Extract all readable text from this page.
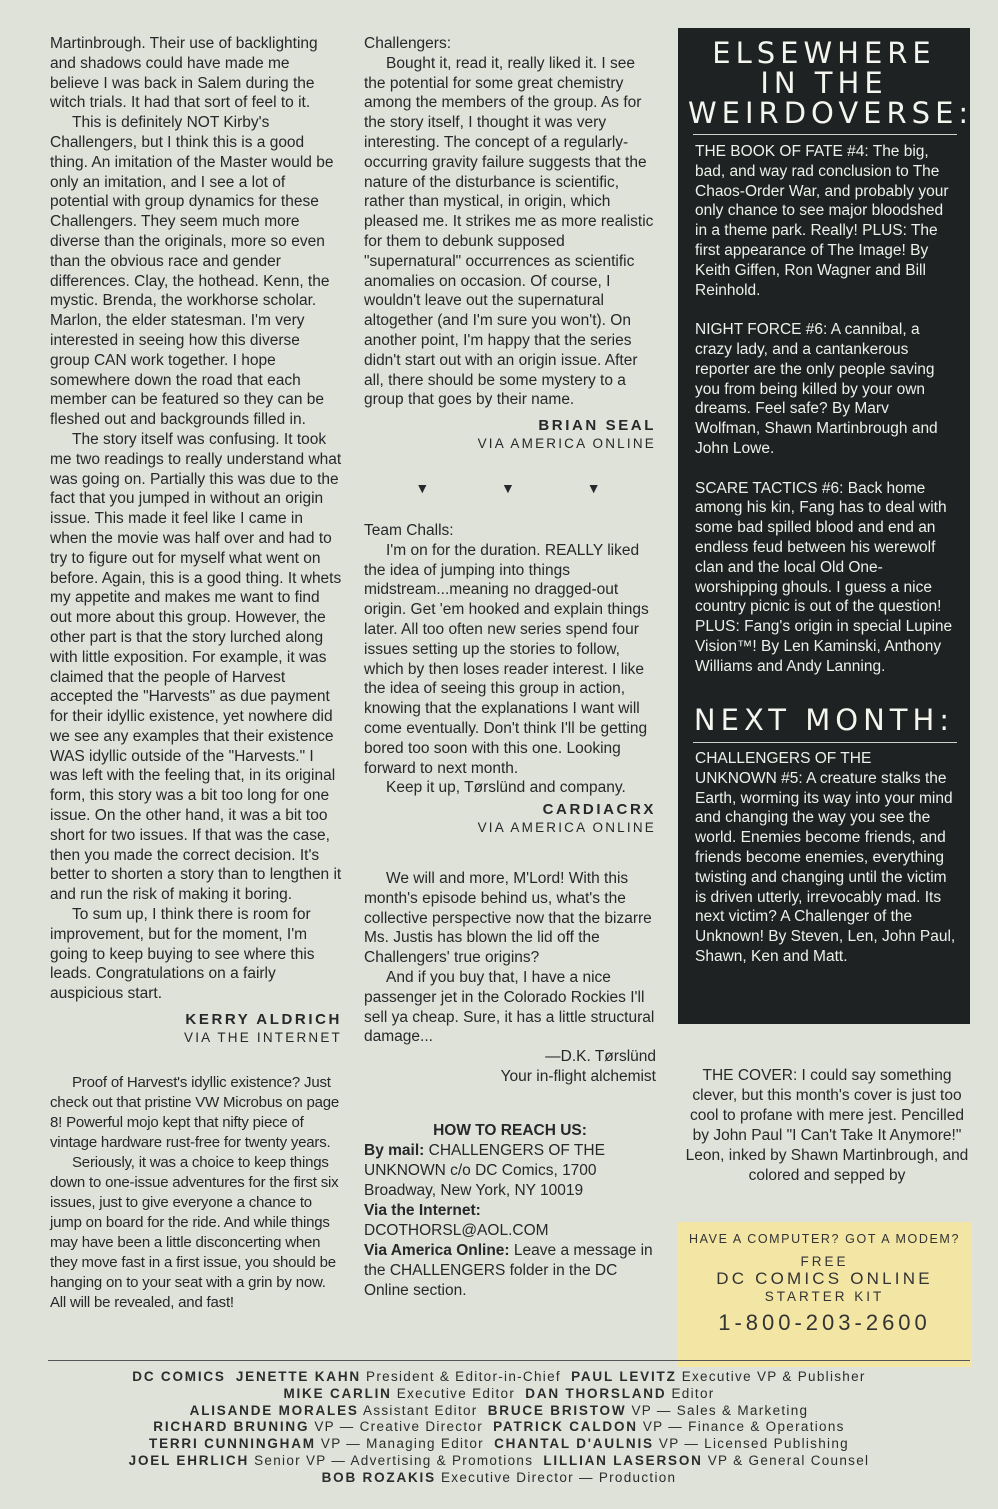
Martinbrough. Their use of backlighting and shadows could have made me believe I was back in Salem during the witch trials. It had that sort of feel to it.

This is definitely NOT Kirby's Challengers, but I think this is a good thing. An imitation of the Master would be only an imitation, and I see a lot of potential with group dynamics for these Challengers. They seem much more diverse than the originals, more so even than the obvious race and gender differences. Clay, the hothead. Kenn, the mystic. Brenda, the workhorse scholar. Marlon, the elder statesman. I'm very interested in seeing how this diverse group CAN work together. I hope somewhere down the road that each member can be featured so they can be fleshed out and backgrounds filled in.

The story itself was confusing. It took me two readings to really understand what was going on. Partially this was due to the fact that you jumped in without an origin issue. This made it feel like I came in when the movie was half over and had to try to figure out for myself what went on before. Again, this is a good thing. It whets my appetite and makes me want to find out more about this group. However, the other part is that the story lurched along with little exposition. For example, it was claimed that the people of Harvest accepted the "Harvests" as due payment for their idyllic existence, yet nowhere did we see any examples that their existence WAS idyllic outside of the "Harvests." I was left with the feeling that, in its original form, this story was a bit too long for one issue. On the other hand, it was a bit too short for two issues. If that was the case, then you made the correct decision. It's better to shorten a story than to lengthen it and run the risk of making it boring.

To sum up, I think there is room for improvement, but for the moment, I'm going to keep buying to see where this leads. Congratulations on a fairly auspicious start.

KERRY ALDRICH
VIA THE INTERNET

Proof of Harvest's idyllic existence? Just check out that pristine VW Microbus on page 8! Powerful mojo kept that nifty piece of vintage hardware rust-free for twenty years.

Seriously, it was a choice to keep things down to one-issue adventures for the first six issues, just to give everyone a chance to jump on board for the ride. And while things may have been a little disconcerting when they move fast in a first issue, you should be hanging on to your seat with a grin by now. All will be revealed, and fast!

Challengers:

Bought it, read it, really liked it. I see the potential for some great chemistry among the members of the group. As for the story itself, I thought it was very interesting. The concept of a regularly-occurring gravity failure suggests that the nature of the disturbance is scientific, rather than mystical, in origin, which pleased me. It strikes me as more realistic for them to debunk supposed "supernatural" occurrences as scientific anomalies on occasion. Of course, I wouldn't leave out the supernatural altogether (and I'm sure you won't). On another point, I'm happy that the series didn't start out with an origin issue. After all, there should be some mystery to a group that goes by their name.

BRIAN SEAL
VIA AMERICA ONLINE
▼ ▼ ▼

Team Challs:

I'm on for the duration. REALLY liked the idea of jumping into things midstream...meaning no dragged-out origin. Get 'em hooked and explain things later. All too often new series spend four issues setting up the stories to follow, which by then loses reader interest. I like the idea of seeing this group in action, knowing that the explanations I want will come eventually. Don't think I'll be getting bored too soon with this one. Looking forward to next month.

Keep it up, Tørslünd and company.

CARDIACRX
VIA AMERICA ONLINE

We will and more, M'Lord! With this month's episode behind us, what's the collective perspective now that the bizarre Ms. Justis has blown the lid off the Challengers' true origins?

And if you buy that, I have a nice passenger jet in the Colorado Rockies I'll sell ya cheap. Sure, it has a little structural damage...

—D.K. Tørslünd
Your in-flight alchemist
HOW TO REACH US:
By mail: CHALLENGERS OF THE UNKNOWN c/o DC Comics, 1700 Broadway, New York, NY 10019
Via the Internet:
DCOTHORSL@AOL.COM
Via America Online: Leave a message in the CHALLENGERS folder in the DC Online section.
ELSEWHERE IN THE WEIRDOVERSE:

THE BOOK OF FATE #4: The big, bad, and way rad conclusion to The Chaos-Order War, and probably your only chance to see major bloodshed in a theme park. Really! PLUS: The first appearance of The Image! By Keith Giffen, Ron Wagner and Bill Reinhold.

NIGHT FORCE #6: A cannibal, a crazy lady, and a cantankerous reporter are the only people saving you from being killed by your own dreams. Feel safe? By Marv Wolfman, Shawn Martinbrough and John Lowe.

SCARE TACTICS #6: Back home among his kin, Fang has to deal with some bad spilled blood and end an endless feud between his werewolf clan and the local Old One-worshipping ghouls. I guess a nice country picnic is out of the question! PLUS: Fang's origin in special Lupine Vision™! By Len Kaminski, Anthony Williams and Andy Lanning.

NEXT MONTH:
CHALLENGERS OF THE UNKNOWN #5: A creature stalks the Earth, worming its way into your mind and changing the way you see the world. Enemies become friends, and friends become enemies, everything twisting and changing until the victim is driven utterly, irrevocably mad. Its next victim? A Challenger of the Unknown! By Steven, Len, John Paul, Shawn, Ken and Matt.
THE COVER: I could say something clever, but this month's cover is just too cool to profane with mere jest. Pencilled by John Paul "I Can't Take It Anymore!" Leon, inked by Shawn Martinbrough, and colored and sepped by
HAVE A COMPUTER? GOT A MODEM?
FREE
DC COMICS ONLINE
STARTER KIT
1-800-203-2600
DC COMICS JENETTE KAHN President & Editor-in-Chief PAUL LEVITZ Executive VP & Publisher
MIKE CARLIN Executive Editor DAN THORSLAND Editor
ALISANDE MORALES Assistant Editor BRUCE BRISTOW VP — Sales & Marketing
RICHARD BRUNING VP — Creative Director PATRICK CALDON VP — Finance & Operations
TERRI CUNNINGHAM VP — Managing Editor CHANTAL D'AULNIS VP — Licensed Publishing
JOEL EHRLICH Senior VP — Advertising & Promotions LILLIAN LASERSON VP & General Counsel
BOB ROZAKIS Executive Director — Production
